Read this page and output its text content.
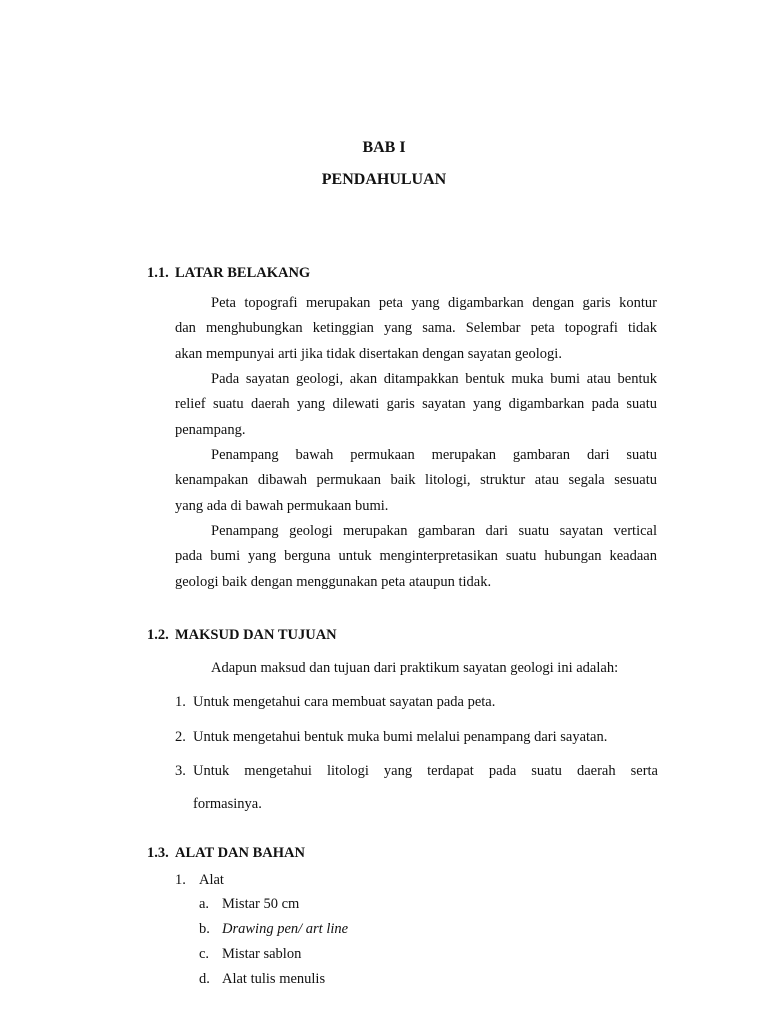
BAB I
PENDAHULUAN
1.1. LATAR BELAKANG
Peta topografi merupakan peta yang digambarkan dengan garis kontur
dan menghubungkan ketinggian yang sama. Selembar peta topografi tidak
akan mempunyai arti jika tidak disertakan dengan sayatan geologi.
Pada sayatan geologi, akan ditampakkan bentuk muka bumi atau bentuk
relief suatu daerah yang dilewati garis sayatan yang digambarkan pada suatu
penampang.
Penampang bawah permukaan merupakan gambaran dari suatu
kenampakan dibawah permukaan baik litologi, struktur atau segala sesuatu
yang ada di bawah permukaan bumi.
Penampang geologi merupakan gambaran dari suatu sayatan vertical
pada bumi yang berguna untuk menginterpretasikan suatu hubungan keadaan
geologi baik dengan menggunakan peta ataupun tidak.
1.2. MAKSUD DAN TUJUAN
Adapun maksud dan tujuan dari praktikum sayatan geologi ini adalah:
1. Untuk mengetahui cara membuat sayatan pada peta.
2. Untuk mengetahui bentuk muka bumi melalui penampang dari sayatan.
3. Untuk mengetahui litologi yang terdapat pada suatu daerah serta
formasinya.
1.3. ALAT DAN BAHAN
1. Alat
a. Mistar 50 cm
b. Drawing pen/ art line
c. Mistar sablon
d. Alat tulis menulis
